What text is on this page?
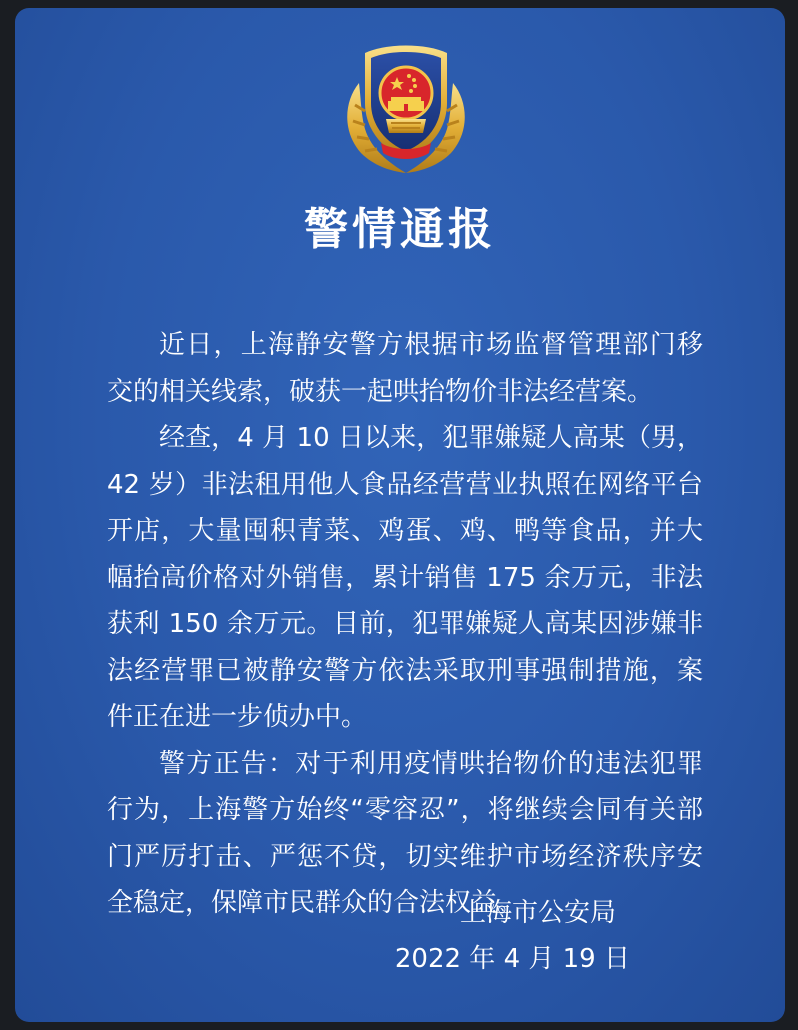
警情通报

近日，上海静安警方根据市场监督管理部门移交的相关线索，破获一起哄抬物价非法经营案。

经查，4 月 10 日以来，犯罪嫌疑人高某（男，42 岁）非法租用他人食品经营营业执照在网络平台开店，大量囤积青菜、鸡蛋、鸡、鸭等食品，并大幅抬高价格对外销售，累计销售 175 余万元，非法获利 150 余万元。目前，犯罪嫌疑人高某因涉嫌非法经营罪已被静安警方依法采取刑事强制措施，案件正在进一步侦办中。

警方正告：对于利用疫情哄抬物价的违法犯罪行为，上海警方始终“零容忍”，将继续会同有关部门严厉打击、严惩不贷，切实维护市场经济秩序安全稳定，保障市民群众的合法权益。

上海市公安局
2022 年 4 月 19 日
